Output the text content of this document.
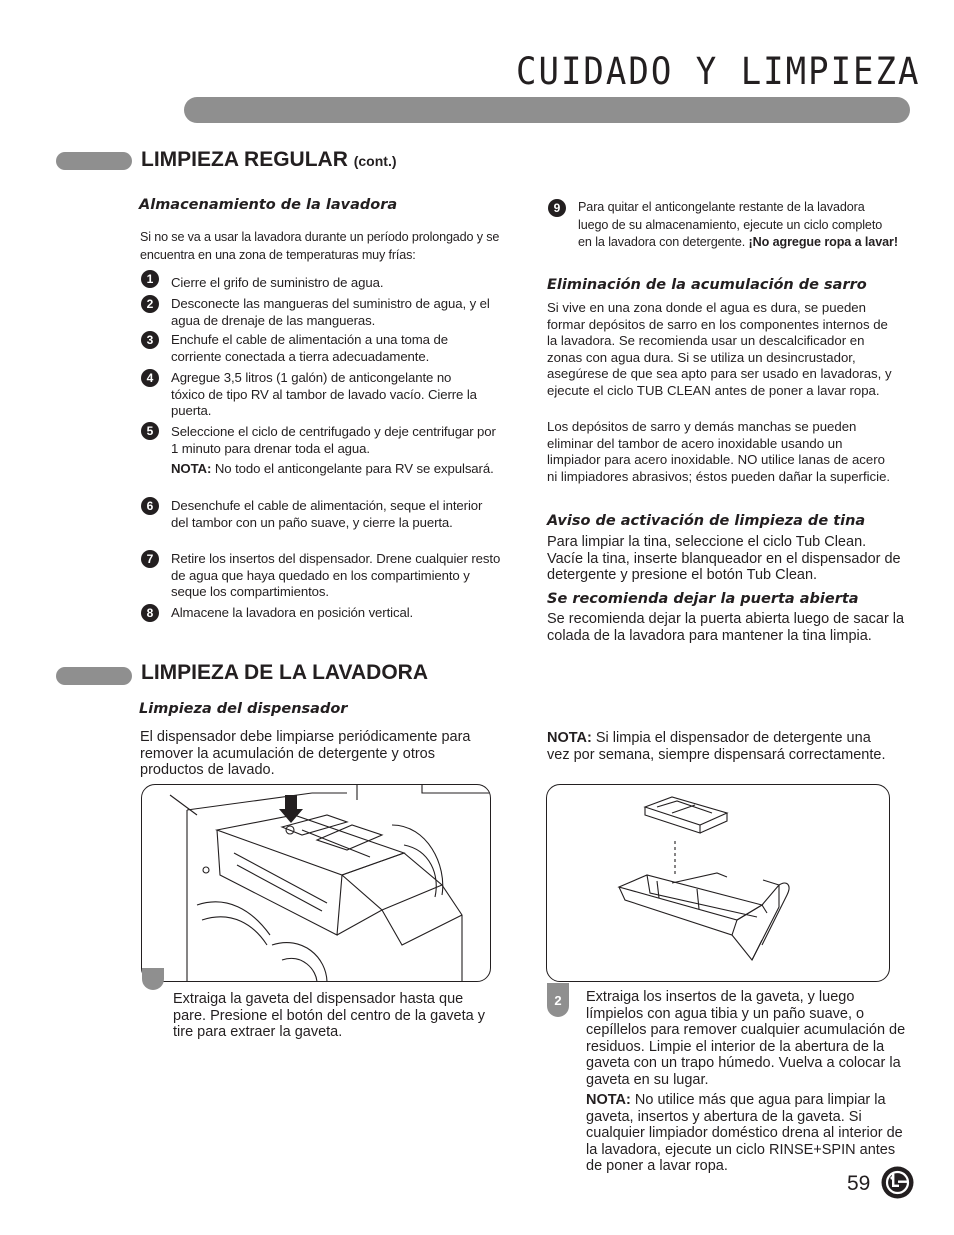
CUIDADO Y LIMPIEZA
LIMPIEZA REGULAR (cont.)
Almacenamiento de la lavadora
Si no se va a usar la lavadora durante un período prolongado y se encuentra en una zona de temperaturas muy frías:
1	Cierre el grifo de suministro de agua.
2	Desconecte las mangueras del suministro de agua, y el agua de drenaje de las mangueras.
3	Enchufe el cable de alimentación a una toma de corriente conectada a tierra adecuadamente.
4	Agregue 3,5 litros (1 galón) de anticongelante no tóxico de tipo RV al tambor de lavado vacío. Cierre la puerta.
5	Seleccione el ciclo de centrifugado y deje centrifugar por 1 minuto para drenar toda el agua.
NOTA: No todo el anticongelante para RV se expulsará.
6	Desenchufe el cable de alimentación, seque el interior del tambor con un paño suave, y cierre la puerta.
7	Retire los insertos del dispensador. Drene cualquier resto de agua que haya quedado en los compartimiento y seque los compartimientos.
8	Almacene la lavadora en posición vertical.
9	Para quitar el anticongelante restante de la lavadora luego de su almacenamiento, ejecute un ciclo completo en la lavadora con detergente. ¡No agregue ropa a lavar!
Eliminación de la acumulación de sarro
Si vive en una zona donde el agua es dura, se pueden formar depósitos de sarro en los componentes internos de la lavadora. Se recomienda usar un descalcificador en zonas con agua dura. Si se utiliza un desincrustador, asegúrese de que sea apto para ser usado en lavadoras, y ejecute el ciclo TUB CLEAN antes de poner a lavar ropa.
Los depósitos de sarro y demás manchas se pueden eliminar del tambor de acero inoxidable usando un limpiador para acero inoxidable. NO utilice lanas de acero ni limpiadores abrasivos; éstos pueden dañar la superficie.
Aviso de activación de limpieza de tina
Para limpiar la tina, seleccione el ciclo Tub Clean. Vacíe la tina, inserte blanqueador en el dispensador de detergente y presione el botón Tub Clean.
Se recomienda dejar la puerta abierta
Se recomienda dejar la puerta abierta luego de sacar la colada de la lavadora para mantener la tina limpia.
LIMPIEZA DE LA LAVADORA
Limpieza del dispensador
El dispensador debe limpiarse periódicamente para remover la acumulación de detergente y otros productos de lavado.
NOTA: Si limpia el dispensador de detergente una vez por semana, siempre dispensará correctamente.
Extraiga la gaveta del dispensador hasta que pare. Presione el botón del centro de la gaveta y tire para extraer la gaveta.
2	Extraiga los insertos de la gaveta, y luego límpielos con agua tibia y un paño suave, o cepíllelos para remover cualquier acumulación de residuos. Limpie el interior de la abertura de la gaveta con un trapo húmedo. Vuelva a colocar la gaveta en su lugar.
NOTA: No utilice más que agua para limpiar la gaveta, insertos y abertura de la gaveta. Si cualquier limpiador doméstico drena al interior de la lavadora, ejecute un ciclo RINSE+SPIN antes de poner a lavar ropa.
59
